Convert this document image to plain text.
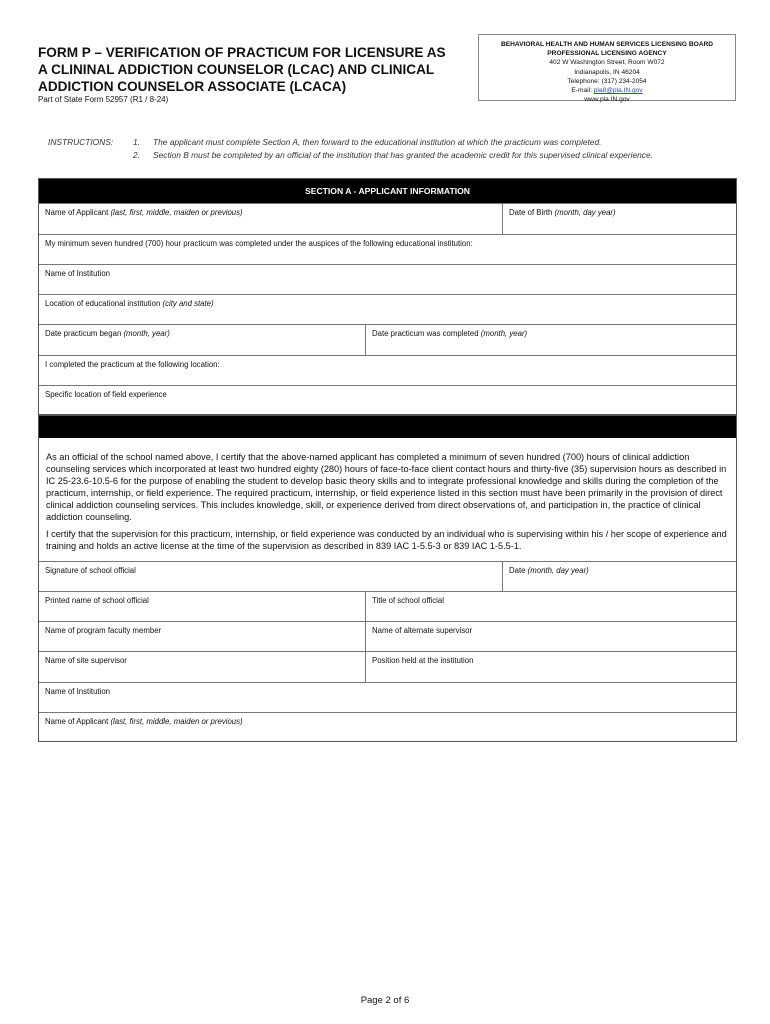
FORM P – VERIFICATION OF PRACTICUM FOR LICENSURE AS
A CLININAL ADDICTION COUNSELOR (LCAC) AND CLINICAL
ADDICTION COUNSELOR ASSOCIATE (LCACA)
Part of State Form 52957 (R1 / 8-24)
BEHAVIORAL HEALTH AND HUMAN SERVICES LICENSING BOARD
PROFESSIONAL LICENSING AGENCY
402 W Washington Street, Room W072
Indianapolis, IN 46204
Telephone: (317) 234-2054
E-mail: pla8@pla.IN.gov
www.pla.IN.gov
INSTRUCTIONS: 1. The applicant must complete Section A, then forward to the educational institution at which the practicum was completed.
2. Section B must be completed by an official of the institution that has granted the academic credit for this supervised clinical experience.
SECTION A - APPLICANT INFORMATION
Name of Applicant (last, first, middle, maiden or previous)	Date of Birth (month, day year)
My minimum seven hundred (700) hour practicum was completed under the auspices of the following educational institution:
Name of Institution
Location of educational institution (city and state)
Date practicum began (month, year)	Date practicum was completed (month, year)
I completed the practicum at the following location:
Specific location of field experience
As an official of the school named above, I certify that the above-named applicant has completed a minimum of seven hundred (700) hours of clinical addiction counseling services which incorporated at least two hundred eighty (280) hours of face-to-face client contact hours and thirty-five (35) supervision hours as described in IC 25-23.6-10.5-6 for the purpose of enabling the student to develop basic theory skills and to integrate professional knowledge and skills during the completion of the practicum, internship, or field experience. The required practicum, internship, or field experience listed in this section must have been primarily in the provision of direct clinical addiction counseling services. This includes knowledge, skill, or experience derived from direct observations of, and participation in, the practice of clinical addiction counseling.
I certify that the supervision for this practicum, internship, or field experience was conducted by an individual who is supervising within his / her scope of experience and training and holds an active license at the time of the supervision as described in 839 IAC 1-5.5-3 or 839 IAC 1-5.5-1.
Signature of school official	Date (month, day year)
Printed name of school official	Title of school official
Name of program faculty member	Name of alternate supervisor
Name of site supervisor	Position held at the institution
Name of Institution
Name of Applicant (last, first, middle, maiden or previous)
Page 2 of 6
